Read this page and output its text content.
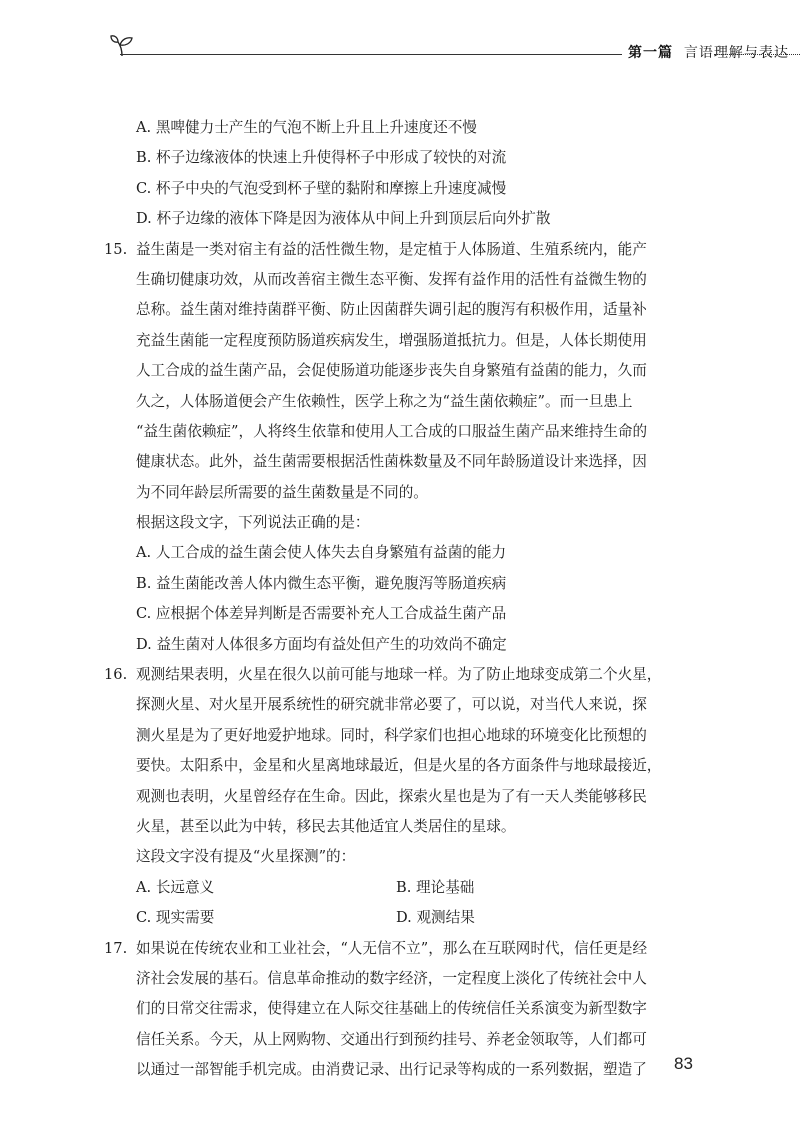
第一篇 言语理解与表达
A. 黑啤健力士产生的气泡不断上升且上升速度还不慢
B. 杯子边缘液体的快速上升使得杯子中形成了较快的对流
C. 杯子中央的气泡受到杯子壁的黏附和摩擦上升速度减慢
D. 杯子边缘的液体下降是因为液体从中间上升到顶层后向外扩散
15. 益生菌是一类对宿主有益的活性微生物，是定植于人体肠道、生殖系统内，能产
生确切健康功效，从而改善宿主微生态平衡、发挥有益作用的活性有益微生物的
总称。益生菌对维持菌群平衡、防止因菌群失调引起的腹泻有积极作用，适量补
充益生菌能一定程度预防肠道疾病发生，增强肠道抵抗力。但是，人体长期使用
人工合成的益生菌产品，会促使肠道功能逐步丧失自身繁殖有益菌的能力，久而
久之，人体肠道便会产生依赖性，医学上称之为“益生菌依赖症”。而一旦患上
“益生菌依赖症”，人将终生依靠和使用人工合成的口服益生菌产品来维持生命的
健康状态。此外，益生菌需要根据活性菌株数量及不同年龄肠道设计来选择，因
为不同年龄层所需要的益生菌数量是不同的。
根据这段文字，下列说法正确的是：
A. 人工合成的益生菌会使人体失去自身繁殖有益菌的能力
B. 益生菌能改善人体内微生态平衡，避免腹泻等肠道疾病
C. 应根据个体差异判断是否需要补充人工合成益生菌产品
D. 益生菌对人体很多方面均有益处但产生的功效尚不确定
16. 观测结果表明，火星在很久以前可能与地球一样。为了防止地球变成第二个火星，
探测火星、对火星开展系统性的研究就非常必要了，可以说，对当代人来说，探
测火星是为了更好地爱护地球。同时，科学家们也担心地球的环境变化比预想的
要快。太阳系中，金星和火星离地球最近，但是火星的各方面条件与地球最接近，
观测也表明，火星曾经存在生命。因此，探索火星也是为了有一天人类能够移民
火星，甚至以此为中转，移民去其他适宜人类居住的星球。
这段文字没有提及“火星探测”的：
A. 长远意义	B. 理论基础
C. 现实需要	D. 观测结果
17. 如果说在传统农业和工业社会，“人无信不立”，那么在互联网时代，信任更是经
济社会发展的基石。信息革命推动的数字经济，一定程度上淡化了传统社会中人
们的日常交往需求，使得建立在人际交往基础上的传统信任关系演变为新型数字
信任关系。今天，从上网购物、交通出行到预约挂号、养老金领取等，人们都可
以通过一部智能手机完成。由消费记录、出行记录等构成的一系列数据，塑造了	83
